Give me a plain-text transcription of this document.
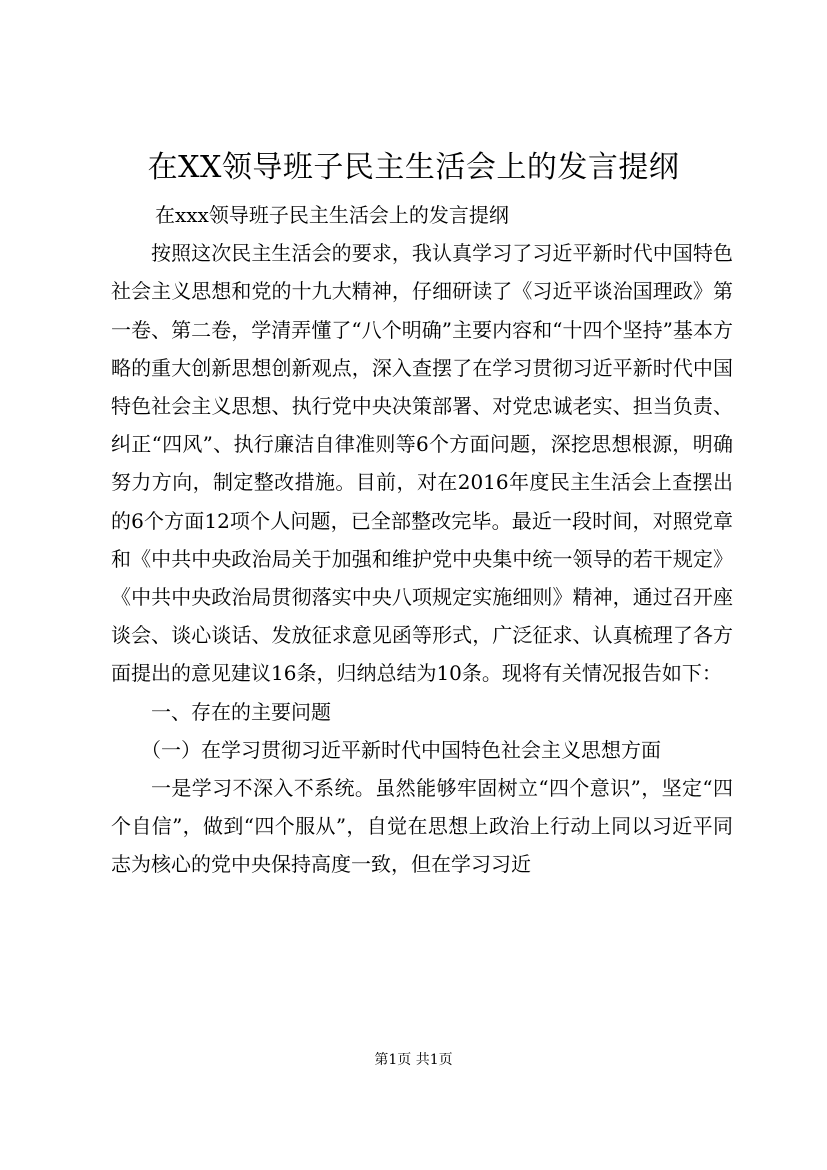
在XX领导班子民主生活会上的发言提纲

在xxx领导班子民主生活会上的发言提纲

按照这次民主生活会的要求，我认真学习了习近平新时代中国特色社会主义思想和党的十九大精神，仔细研读了《习近平谈治国理政》第一卷、第二卷，学清弄懂了“八个明确”主要内容和“十四个坚持”基本方略的重大创新思想创新观点，深入查摆了在学习贯彻习近平新时代中国特色社会主义思想、执行党中央决策部署、对党忠诚老实、担当负责、纠正“四风”、执行廉洁自律准则等6个方面问题，深挖思想根源，明确努力方向，制定整改措施。目前，对在2016年度民主生活会上查摆出的6个方面12项个人问题，已全部整改完毕。最近一段时间，对照党章和《中共中央政治局关于加强和维护党中央集中统一领导的若干规定》《中共中央政治局贯彻落实中央八项规定实施细则》精神，通过召开座谈会、谈心谈话、发放征求意见函等形式，广泛征求、认真梳理了各方面提出的意见建议16条，归纳总结为10条。现将有关情况报告如下：

一、存在的主要问题

（一）在学习贯彻习近平新时代中国特色社会主义思想方面

一是学习不深入不系统。虽然能够牢固树立“四个意识”，坚定“四个自信”，做到“四个服从”，自觉在思想上政治上行动上同以习近平同志为核心的党中央保持高度一致，但在学习习近

第1页 共1页
